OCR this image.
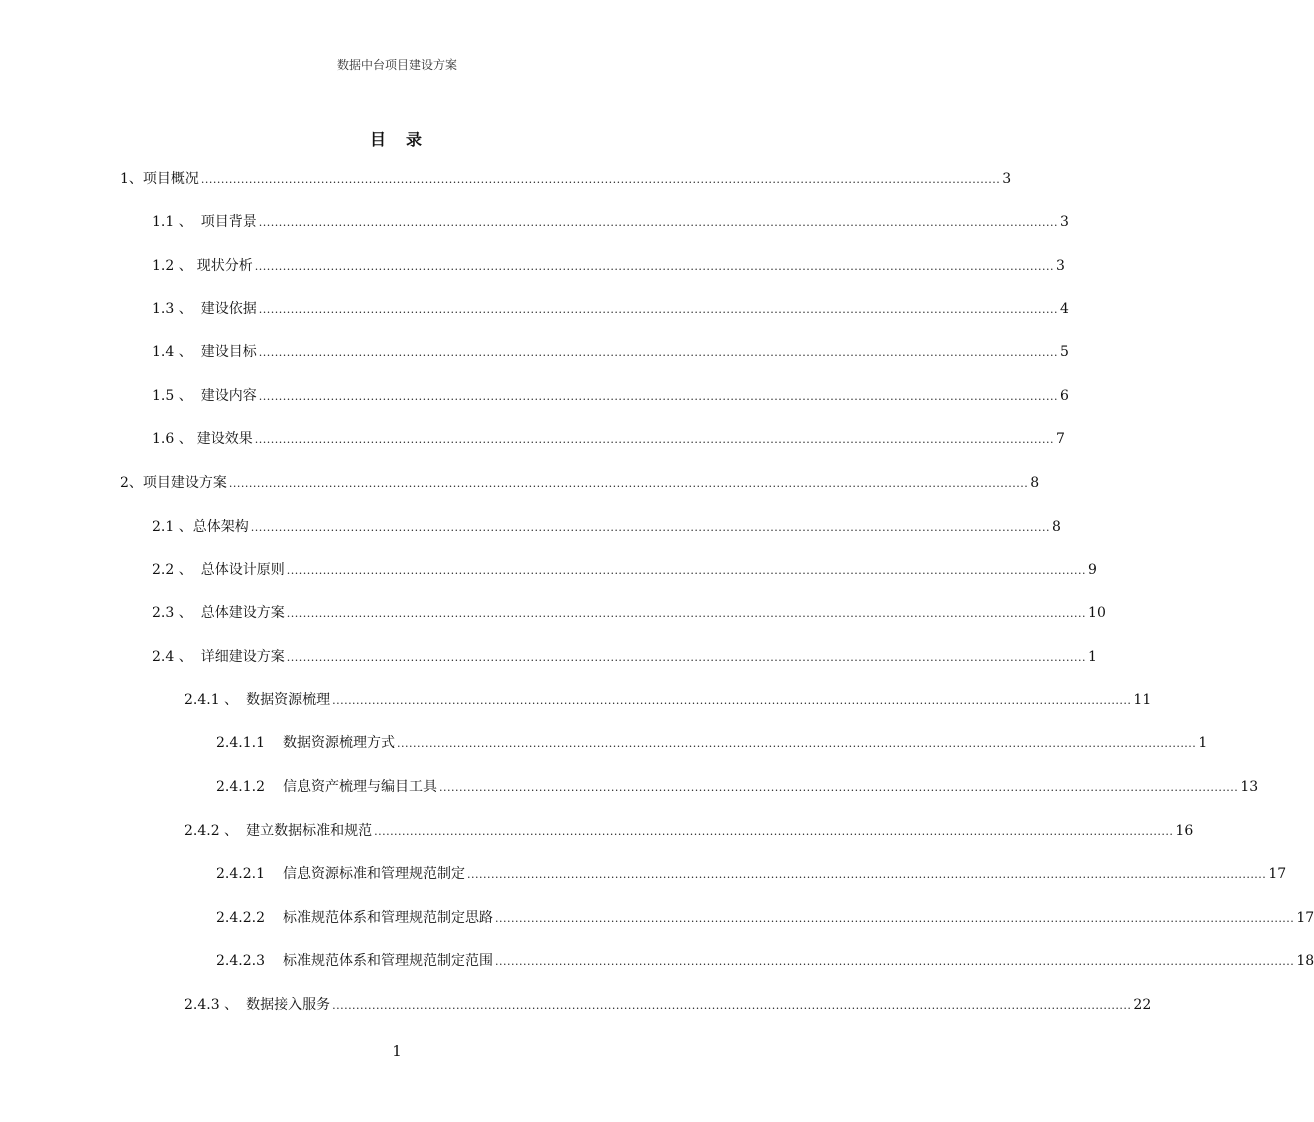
数据中台项目建设方案
目　录
1、 项目概况 ........................................................................................................................................................................................................ 3
1.1 、 项目背景 ........................................................................................................................................................................................................ 3
1.2 、 现状分析 ........................................................................................................................................................................................................ 3
1.3 、 建设依据 ........................................................................................................................................................................................................ 4
1.4 、 建设目标 ........................................................................................................................................................................................................ 5
1.5 、 建设内容 ........................................................................................................................................................................................................ 6
1.6 、 建设效果 ........................................................................................................................................................................................................ 7
2、 项目建设方案 ........................................................................................................................................................................................................ 8
2.1 、 总体架构 ........................................................................................................................................................................................................ 8
2.2 、 总体设计原则 ........................................................................................................................................................................................................ 9
2.3 、 总体建设方案 ........................................................................................................................................................................................................ 10
2.4 、 详细建设方案 ........................................................................................................................................................................................................ 1
2.4.1 、 数据资源梳理 ........................................................................................................................................................................................................ 11
2.4.1.1 数据资源梳理方式 ........................................................................................................................................................................................................ 1
2.4.1.2 信息资产梳理与编目工具 ........................................................................................................................................................................................................ 13
2.4.2 、 建立数据标准和规范 ........................................................................................................................................................................................................ 16
2.4.2.1 信息资源标准和管理规范制定 ........................................................................................................................................................................................................ 17
2.4.2.2 标准规范体系和管理规范制定思路 ........................................................................................................................................................................................................ 17
2.4.2.3 标准规范体系和管理规范制定范围 ........................................................................................................................................................................................................ 18
2.4.3 、 数据接入服务 ........................................................................................................................................................................................................ 22
1
